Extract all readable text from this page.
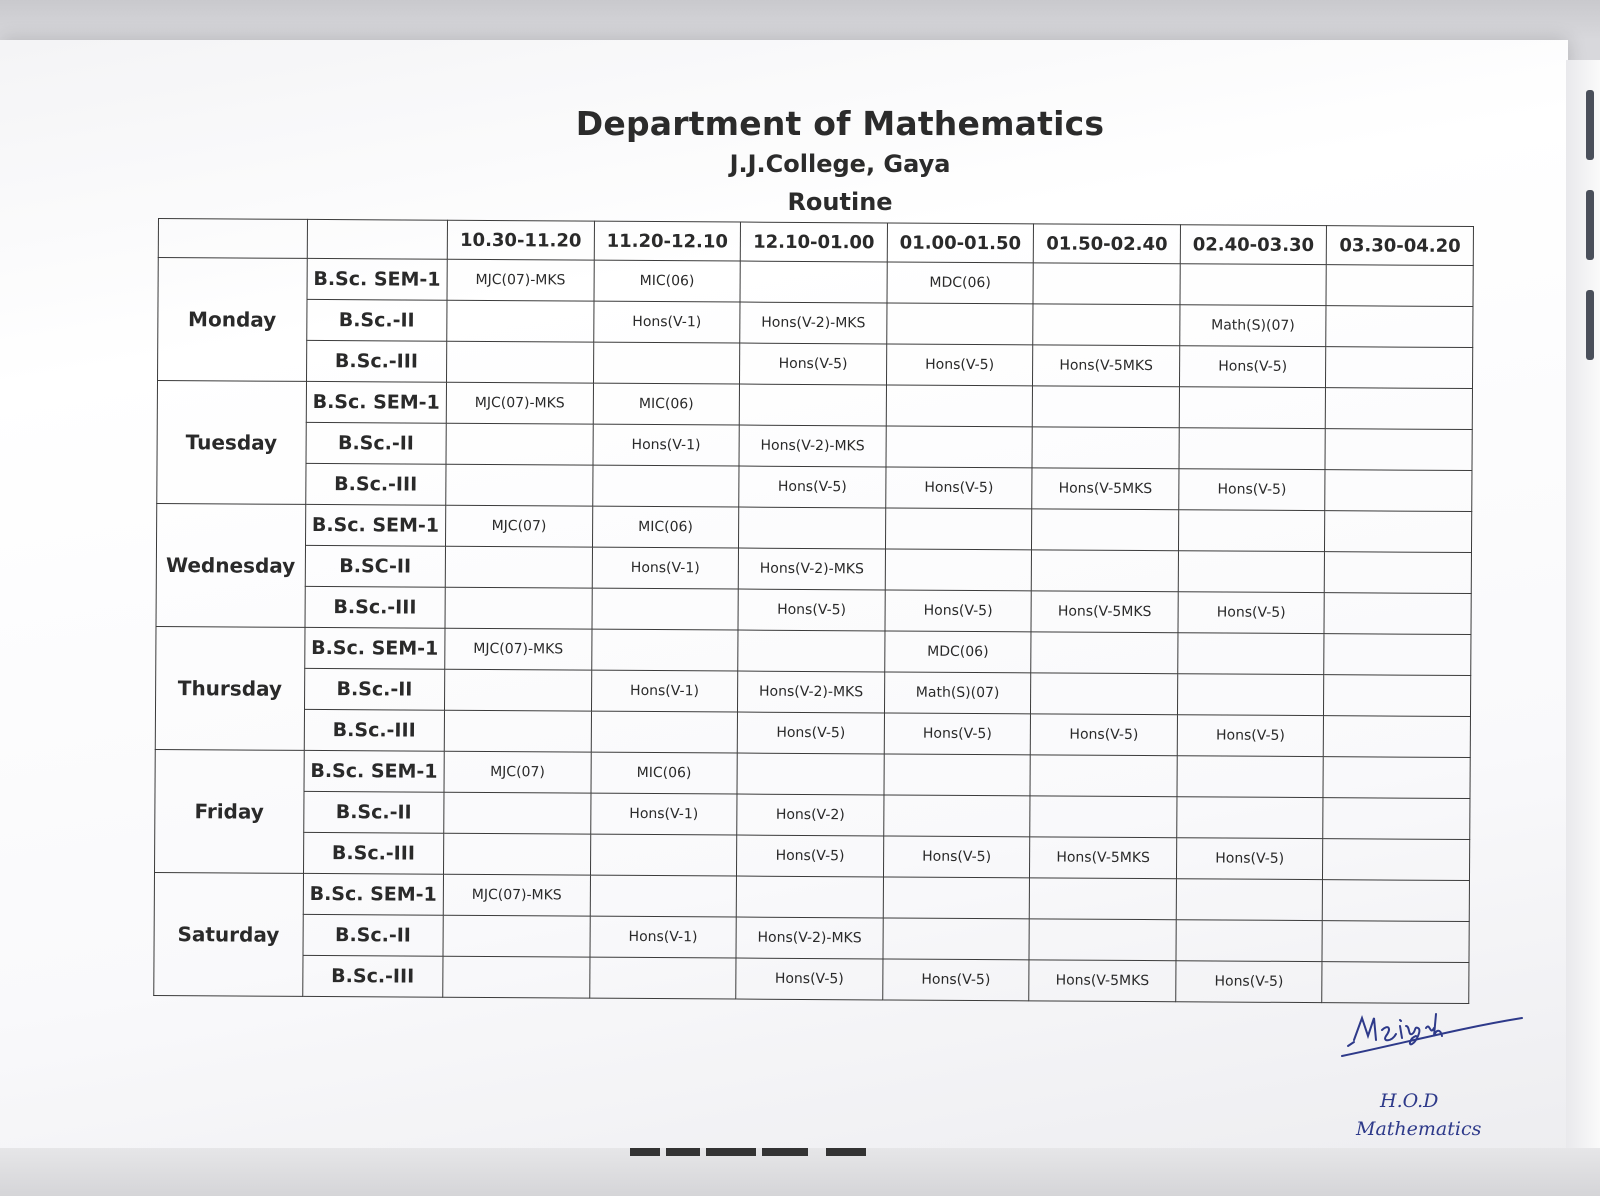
Department of Mathematics
J.J.College, Gaya
Routine
		10.30-11.20	11.20-12.10	12.10-01.00	01.00-01.50	01.50-02.40	02.40-03.30	03.30-04.20
Monday	B.Sc. SEM-1	MJC(07)-MKS	MIC(06)		MDC(06)			
	B.Sc.-II		Hons(V-1)	Hons(V-2)-MKS			Math(S)(07)	
	B.Sc.-III			Hons(V-5)	Hons(V-5)	Hons(V-5MKS	Hons(V-5)	
Tuesday	B.Sc. SEM-1	MJC(07)-MKS	MIC(06)					
	B.Sc.-II		Hons(V-1)	Hons(V-2)-MKS				
	B.Sc.-III			Hons(V-5)	Hons(V-5)	Hons(V-5MKS	Hons(V-5)	
Wednesday	B.Sc. SEM-1	MJC(07)	MIC(06)					
	B.SC-II		Hons(V-1)	Hons(V-2)-MKS				
	B.Sc.-III			Hons(V-5)	Hons(V-5)	Hons(V-5MKS	Hons(V-5)	
Thursday	B.Sc. SEM-1	MJC(07)-MKS			MDC(06)			
	B.Sc.-II		Hons(V-1)	Hons(V-2)-MKS	Math(S)(07)			
	B.Sc.-III			Hons(V-5)	Hons(V-5)	Hons(V-5)	Hons(V-5)	
Friday	B.Sc. SEM-1	MJC(07)	MIC(06)					
	B.Sc.-II		Hons(V-1)	Hons(V-2)				
	B.Sc.-III			Hons(V-5)	Hons(V-5)	Hons(V-5MKS	Hons(V-5)	
Saturday	B.Sc. SEM-1	MJC(07)-MKS						
	B.Sc.-II		Hons(V-1)	Hons(V-2)-MKS				
	B.Sc.-III			Hons(V-5)	Hons(V-5)	Hons(V-5MKS	Hons(V-5)	
H.O.D
Mathematics
